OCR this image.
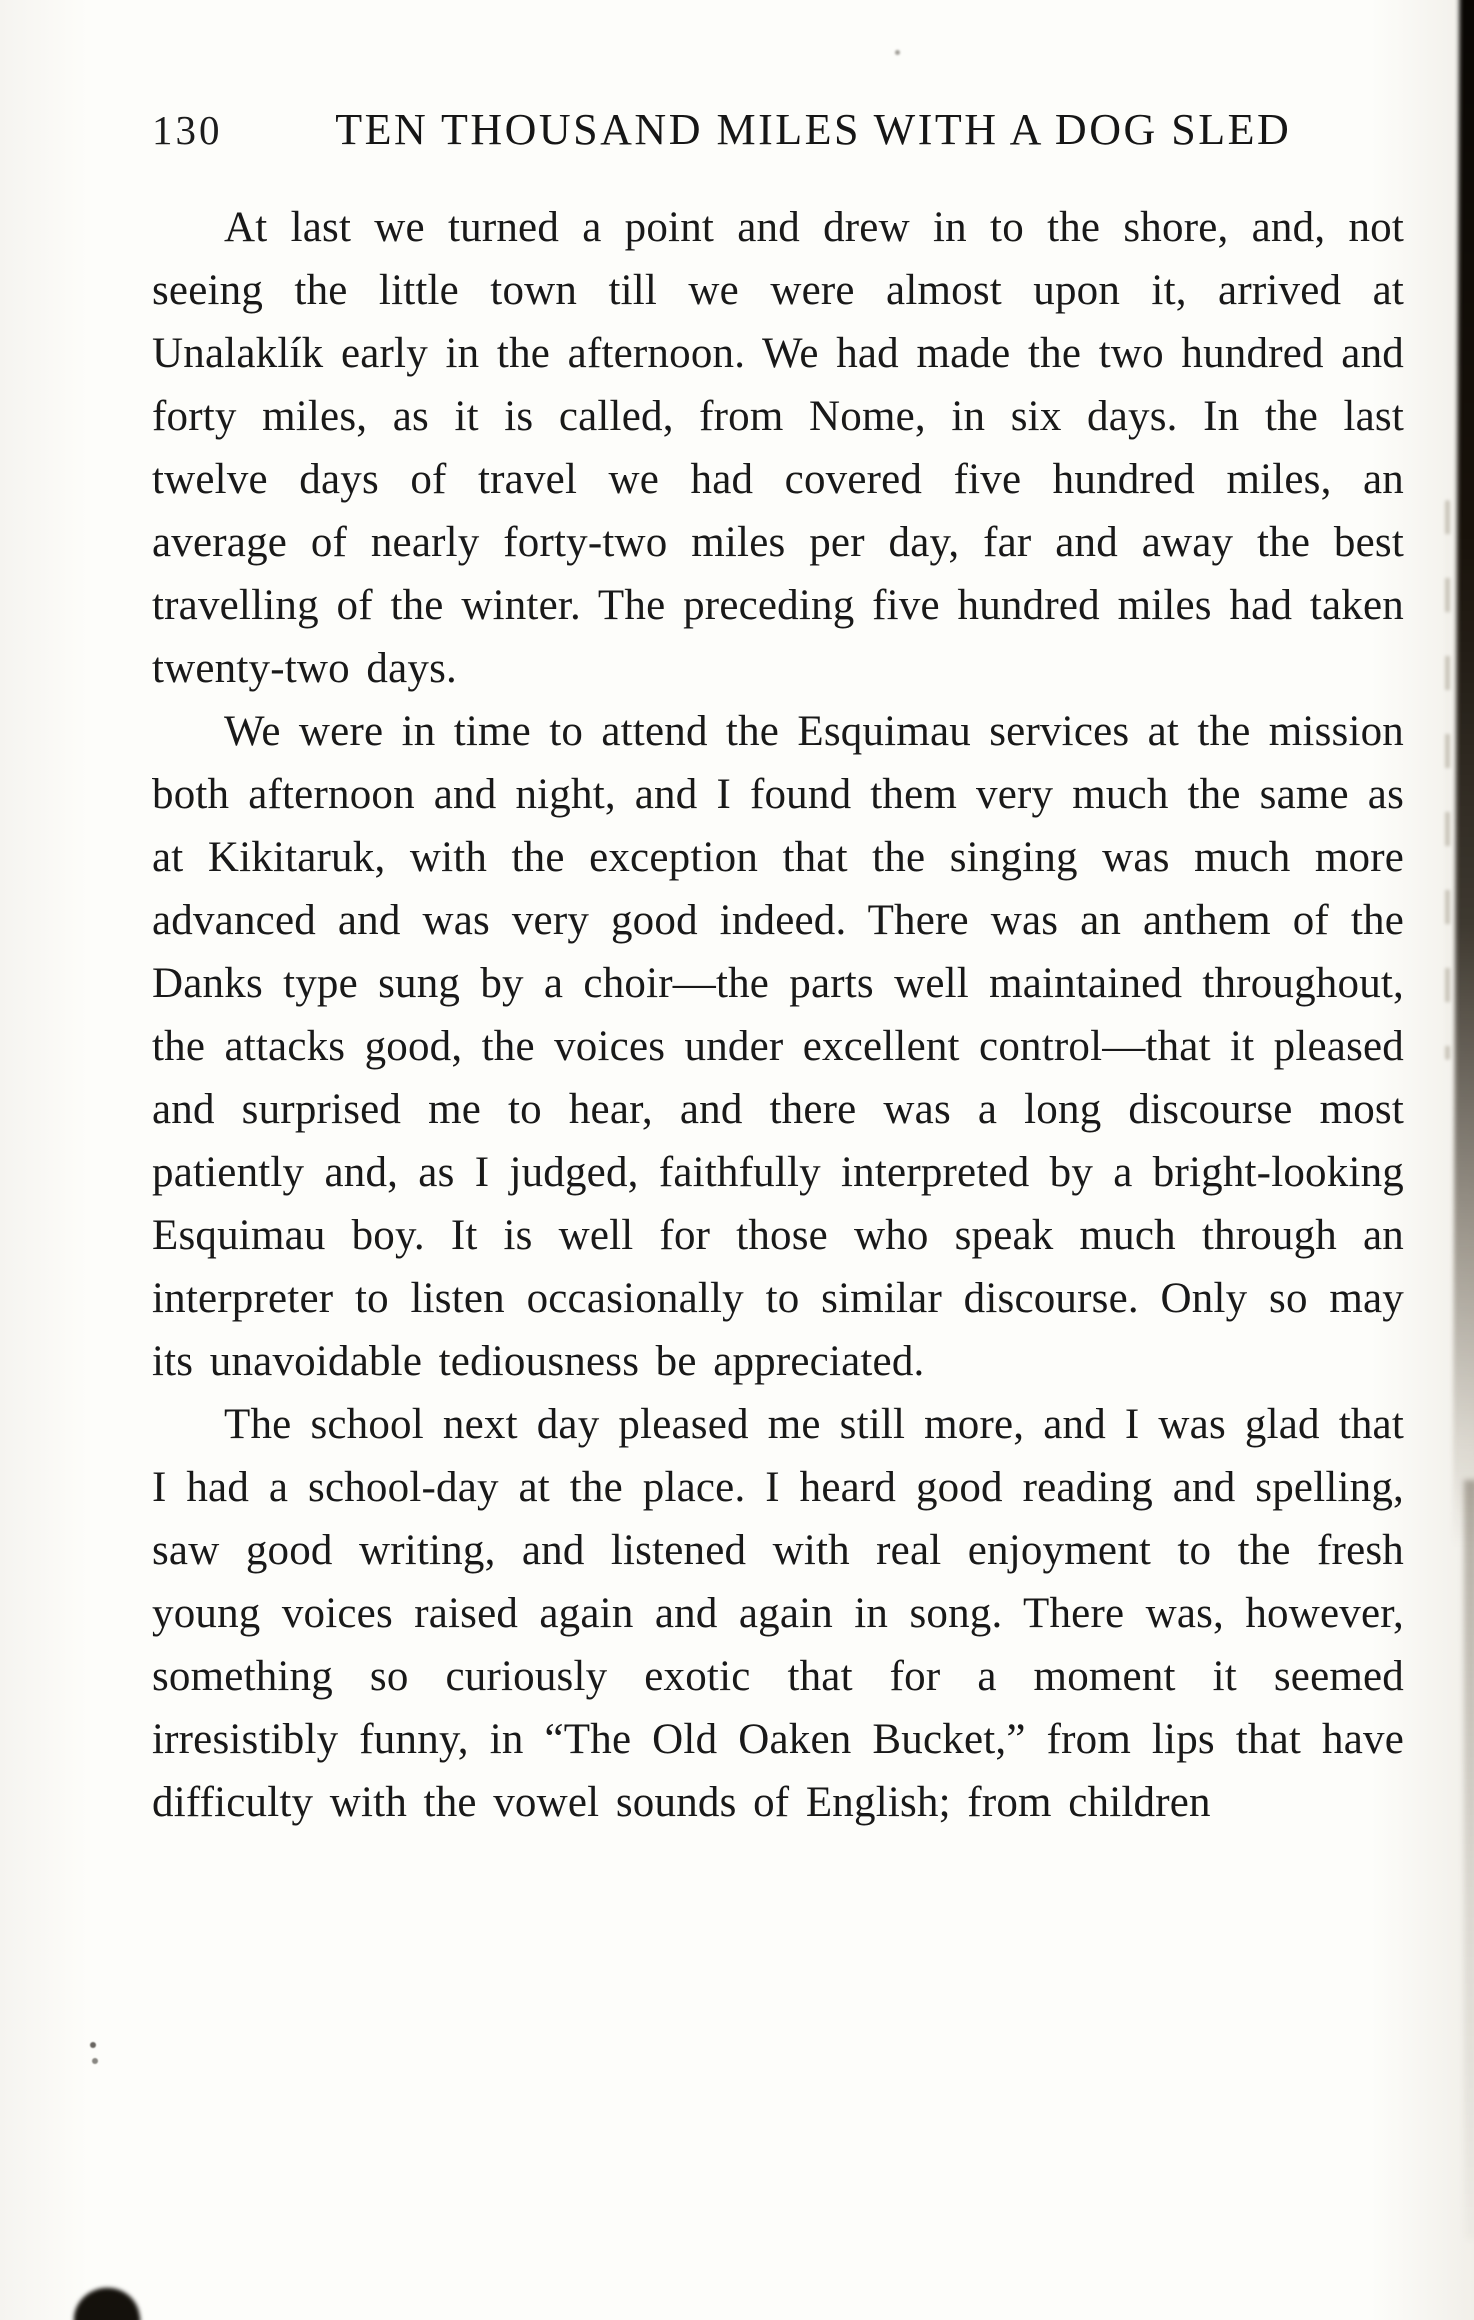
130	TEN THOUSAND MILES WITH A DOG SLED

At last we turned a point and drew in to the shore, and, not seeing the little town till we were almost upon it, arrived at Unalaklík early in the afternoon. We had made the two hundred and forty miles, as it is called, from Nome, in six days. In the last twelve days of travel we had covered five hundred miles, an average of nearly forty-two miles per day, far and away the best travelling of the winter. The preceding five hundred miles had taken twenty-two days.

We were in time to attend the Esquimau services at the mission both afternoon and night, and I found them very much the same as at Kikitaruk, with the exception that the singing was much more advanced and was very good indeed. There was an anthem of the Danks type sung by a choir—the parts well maintained throughout, the attacks good, the voices under excellent control—that it pleased and surprised me to hear, and there was a long discourse most patiently and, as I judged, faithfully interpreted by a bright-looking Esquimau boy. It is well for those who speak much through an interpreter to listen occasionally to similar discourse. Only so may its unavoidable tediousness be appreciated.

The school next day pleased me still more, and I was glad that I had a school-day at the place. I heard good reading and spelling, saw good writing, and listened with real enjoyment to the fresh young voices raised again and again in song. There was, however, something so curiously exotic that for a moment it seemed irresistibly funny, in “The Old Oaken Bucket,” from lips that have difficulty with the vowel sounds of English; from children
